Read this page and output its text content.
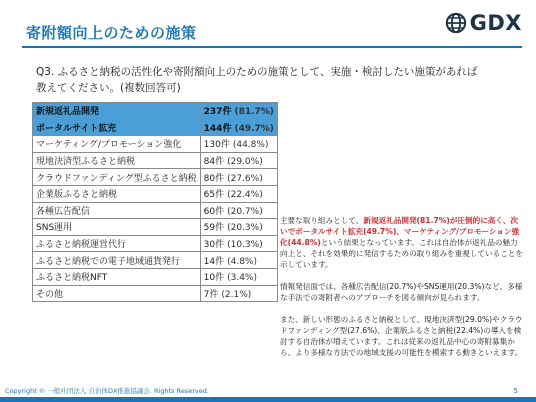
寄附額向上のための施策	GDX
Q3. ふるさと納税の活性化や寄附額向上のための施策として、実施・検討したい施策があれば
教えてください。(複数回答可)
新規返礼品開発	237件 (81.7%)
ポータルサイト拡充	144件 (49.7%)
マーケティング/プロモーション強化	130件 (44.8%)
現地決済型ふるさと納税	84件 (29.0%)
クラウドファンディング型ふるさと納税	80件 (27.6%)
企業版ふるさと納税	65件 (22.4%)
各種広告配信	60件 (20.7%)
SNS運用	59件 (20.3%)
ふるさと納税運営代行	30件 (10.3%)
ふるさと納税での電子地域通貨発行	14件 (4.8%)
ふるさと納税NFT	10件 (3.4%)
その他	7件 (2.1%)

主要な取り組みとして、新規返礼品開発(81.7%)が圧倒的に高く、次いでポータルサイト拡充(49.7%)、マーケティング/プロモーション強化(44.8%)という結果となっています。これは自治体が返礼品の魅力向上と、それを効果的に発信するための取り組みを重視していることを示しています。

情報発信面では、各種広告配信(20.7%)やSNS運用(20.3%)など、多様な手法での寄附者へのアプローチを図る傾向が見られます。

また、新しい形態のふるさと納税として、現地決済型(29.0%)やクラウドファンディング型(27.6%)、企業版ふるさと納税(22.4%)の導入を検討する自治体が増えています。これは従来の返礼品中心の寄附募集から、より多様な方法での地域支援の可能性を模索する動きといえます。

Copyright © 一般社団法人 自治体DX推進協議会. Rights Reserved.	5
